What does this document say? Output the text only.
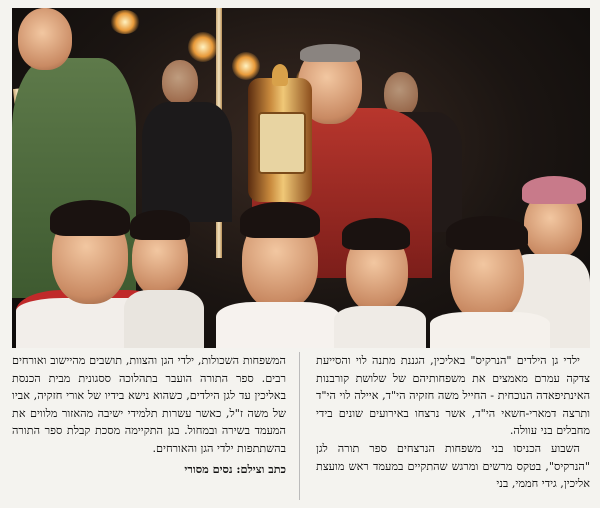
ילדי גן הילדים "הנרקיס" באליכין, הגננת מתנה לוי והסייעת צדקה עמרם מאמצים את משפחותיהם של שלושת קורבנות האינתיפאדה הנוכחית - החייל משה חזקיה הי"ד, איילה לוי הי"ד ותרצה דמארי-חשאי הי"ד, אשר נרצחו באירועים שונים בידי מחבלים בני עוולה.

השבוע הכניסו בני משפחות הנרצחים ספר תורה לגן "הנרקיס", בטקס מרשים ומרגש שהתקיים במעמד ראש מועצת אליכין, גידי חממי, בני

המשפחות השכולות, ילדי הגן והצוות, תושבים מהיישוב ואורחים רבים. ספר התורה הועבר בתהלוכה ססגונית מבית הכנסת באליכין עד לגן הילדים, כשהוא נישא בידיו של אורי חזקיה, אביו של משה ז"ל, כאשר עשרות תלמידי ישיבה מהאזור מלווים את המעמד בשירה ובמחול. בגן התקיימה מסכת קבלת ספר התורה בהשתתפות ילדי הגן והאורחים.

כתב וצילם: נסים מסורי
